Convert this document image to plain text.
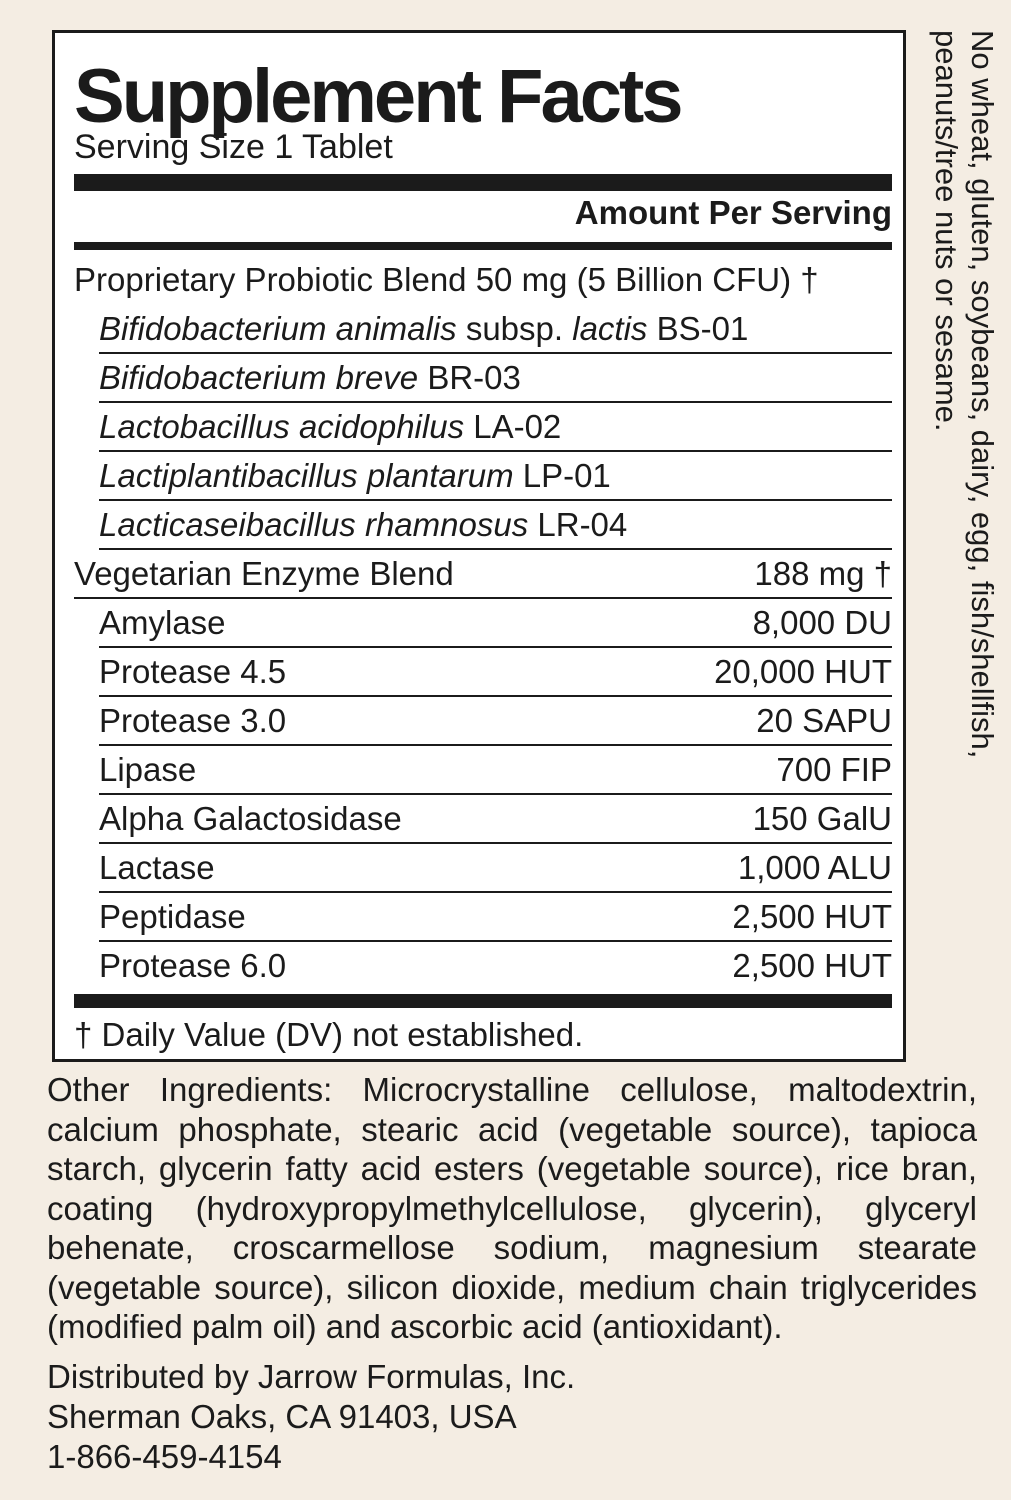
Supplement Facts
Serving Size 1 Tablet
Amount Per Serving
Proprietary Probiotic Blend 50 mg (5 Billion CFU) †
Bifidobacterium animalis subsp. lactis BS-01
Bifidobacterium breve BR-03
Lactobacillus acidophilus LA-02
Lactiplantibacillus plantarum LP-01
Lacticaseibacillus rhamnosus LR-04
Vegetarian Enzyme Blend	188 mg †
Amylase	8,000 DU
Protease 4.5	20,000 HUT
Protease 3.0	20 SAPU
Lipase	700 FIP
Alpha Galactosidase	150 GalU
Lactase	1,000 ALU
Peptidase	2,500 HUT
Protease 6.0	2,500 HUT
† Daily Value (DV) not established.
No wheat, gluten, soybeans, dairy, egg, fish/shellfish, peanuts/tree nuts or sesame.
Other Ingredients: Microcrystalline cellulose, maltodextrin, calcium phosphate, stearic acid (vegetable source), tapioca starch, glycerin fatty acid esters (vegetable source), rice bran, coating (hydroxypropylmethylcellulose, glycerin), glyceryl behenate, croscarmellose sodium, magnesium stearate (vegetable source), silicon dioxide, medium chain triglycerides (modified palm oil) and ascorbic acid (antioxidant).
Distributed by Jarrow Formulas, Inc.
Sherman Oaks, CA 91403, USA
1-866-459-4154
